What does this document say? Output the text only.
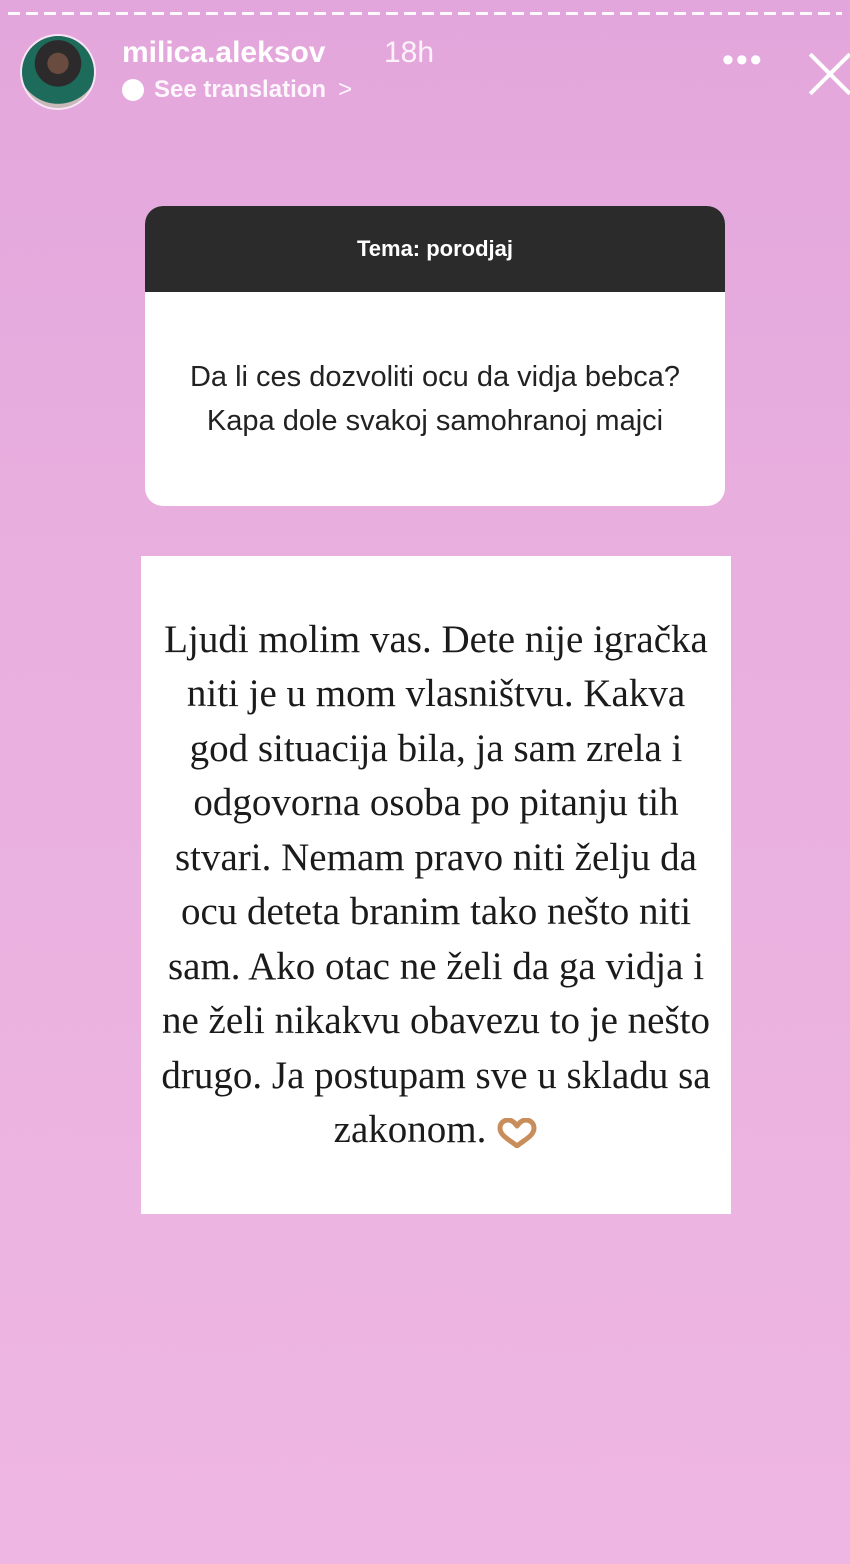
milica.aleksov 18h
See translation >
•••
Tema: porodjaj
Da li ces dozvoliti ocu da vidja bebca? Kapa dole svakoj samohranoj majci

Ljudi molim vas. Dete nije igračka niti je u mom vlasništvu. Kakva god situacija bila, ja sam zrela i odgovorna osoba po pitanju tih stvari. Nemam pravo niti želju da ocu deteta branim tako nešto niti sam. Ako otac ne želi da ga vidja i ne želi nikakvu obavezu to je nešto drugo. Ja postupam sve u skladu sa zakonom.
